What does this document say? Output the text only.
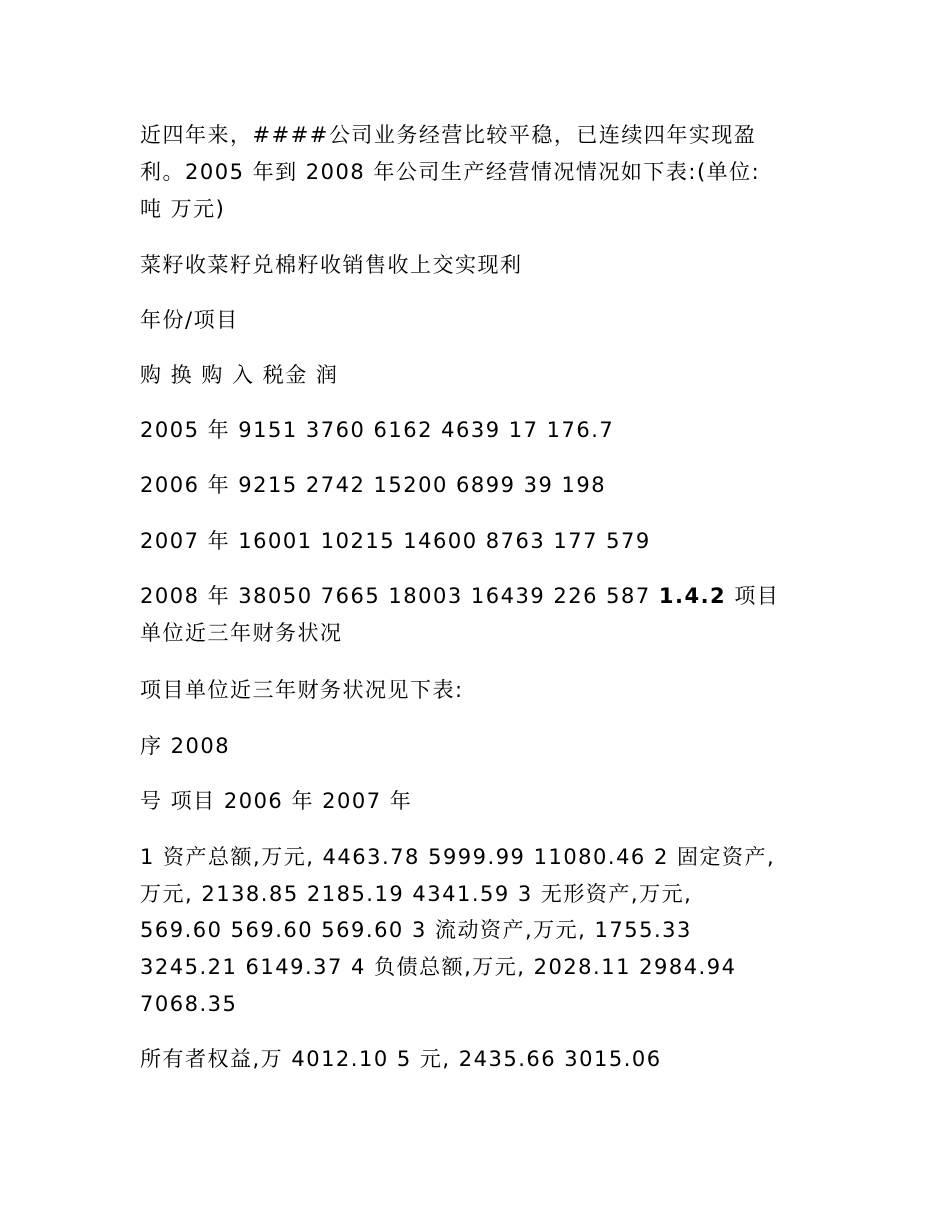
近四年来，####公司业务经营比较平稳，已连续四年实现盈
利。2005 年到 2008 年公司生产经营情况情况如下表:(单位:
吨 万元)
菜籽收菜籽兑棉籽收销售收上交实现利
年份/项目
购 换 购 入 税金 润
2005 年 9151 3760 6162 4639 17 176.7
2006 年 9215 2742 15200 6899 39 198
2007 年 16001 10215 14600 8763 177 579
2008 年 38050 7665 18003 16439 226 587 1.4.2 项目
单位近三年财务状况
项目单位近三年财务状况见下表:
序 2008
号 项目 2006 年 2007 年
1 资产总额,万元, 4463.78 5999.99 11080.46 2 固定资产,
万元, 2138.85 2185.19 4341.59 3 无形资产,万元,
569.60 569.60 569.60 3 流动资产,万元, 1755.33
3245.21 6149.37 4 负债总额,万元, 2028.11 2984.94
7068.35
所有者权益,万 4012.10 5 元, 2435.66 3015.06
